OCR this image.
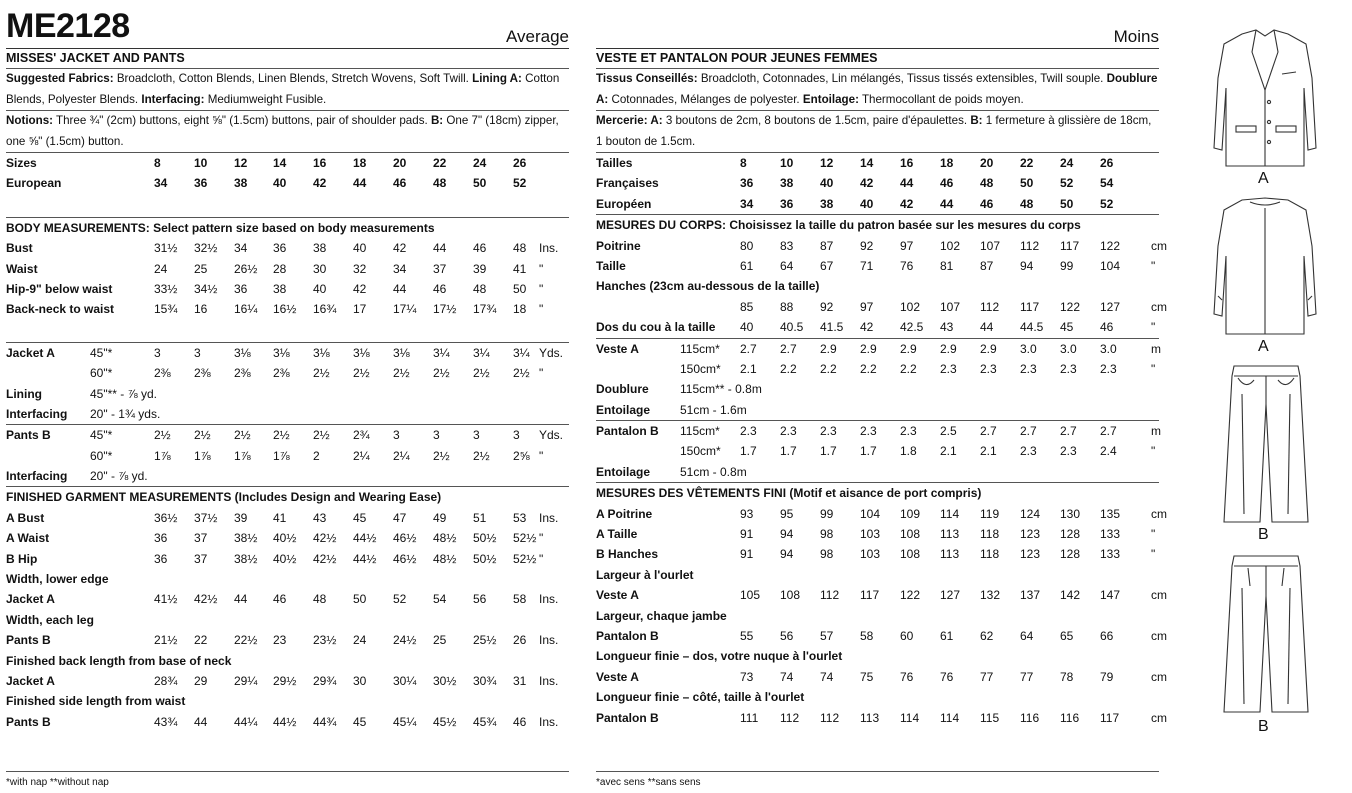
ME2128	Average
MISSES' JACKET AND PANTS
Suggested Fabrics: Broadcloth, Cotton Blends, Linen Blends, Stretch Wovens, Soft Twill. Lining A: Cotton Blends, Polyester Blends. Interfacing: Mediumweight Fusible.
Notions: Three ¾" (2cm) buttons, eight ⅝" (1.5cm) buttons, pair of shoulder pads. B: One 7" (18cm) zipper, one ⅝" (1.5cm) button.
Sizes	8	10 12 14 16 18 20 22 24 26
European	34 36 38 40 42 44 46 48 50 52
BODY MEASUREMENTS: Select pattern size based on body measurements
Bust	31½ 32½ 34 36 38 40 42 44 46 48 Ins.
Waist	24 25 26½ 28 30 32 34 37 39 41 "
Hip-9" below waist	33½ 34½ 36 38 40 42 44 46 48 50 "
Back-neck to waist	15¾ 16 16¼ 16½ 16¾ 17 17¼ 17½ 17¾ 18 "
Jacket A	45"*	3	3	3⅛ 3⅛ 3⅛ 3⅛ 3⅛ 3¼ 3¼ 3¼ Yds.
60"*	2⅜ 2⅜ 2⅜ 2⅜ 2½ 2½ 2½ 2½ 2½ 2½ "
Lining	45"** - ⅞ yd.
Interfacing 20" - 1¾ yds.
Pants B	45"*	2½ 2½ 2½ 2½ 2½ 2¾ 3	3	3	3 Yds.
60"*	1⅞ 1⅞ 1⅞ 1⅞ 2	2¼ 2¼ 2½ 2½ 2⅝ "
Interfacing 20" - ⅞ yd.
FINISHED GARMENT MEASUREMENTS (Includes Design and Wearing Ease)
A Bust	36½ 37½ 39 41 43 45 47 49 51 53 Ins.
A Waist	36 37 38½ 40½ 42½ 44½ 46½ 48½ 50½ 52½ "
B Hip	36 37 38½ 40½ 42½ 44½ 46½ 48½ 50½ 52½ "
Width, lower edge
Jacket A	41½ 42½ 44 46 48 50 52 54 56 58 Ins.
Width, each leg
Pants B	21½ 22 22½ 23 23½ 24 24½ 25 25½ 26 Ins.
Finished back length from base of neck
Jacket A	28¾ 29 29¼ 29½ 29¾ 30 30¼ 30½ 30¾ 31 Ins.
Finished side length from waist
Pants B	43¾ 44 44¼ 44½ 44¾ 45 45¼ 45½ 45¾ 46 Ins.
*with nap **without nap
Moins
VESTE ET PANTALON POUR JEUNES FEMMES
Tissus Conseillés: Broadcloth, Cotonnades, Lin mélangés, Tissus tissés extensibles, Twill souple. Doublure A: Cotonnades, Mélanges de polyester. Entoilage: Thermocollant de poids moyen.
Mercerie: A: 3 boutons de 2cm, 8 boutons de 1.5cm, paire d'épaulettes. B: 1 fermeture à glissière de 18cm, 1 bouton de 1.5cm.
Tailles	8	10 12 14 16 18 20 22 24 26
Françaises	36 38 40 42 44 46 48 50 52 54
Européen	34 36 38 40 42 44 46 48 50 52
MESURES DU CORPS: Choisissez la taille du patron basée sur les mesures du corps
Poitrine	80 83 87 92 97 102 107 112 117 122	cm
Taille	61 64 67 71 76 81 87 94 99 104	"
Hanches (23cm au-dessous de la taille)
85 88 92 97 102 107 112 117 122 127	cm
Dos du cou à la taille 40 40.5 41.5 42 42.5 43 44 44.5 45 46	"
Veste A	115cm* 2.7 2.7 2.9 2.9 2.9 2.9 2.9 3.0 3.0 3.0	m
150cm* 2.1 2.2 2.2 2.2 2.2 2.3 2.3 2.3 2.3 2.3	"
Doublure	115cm** - 0.8m
Entoilage 51cm - 1.6m
Pantalon B 115cm* 2.3 2.3 2.3 2.3 2.3 2.5 2.7 2.7 2.7 2.7	m
150cm* 1.7 1.7 1.7 1.7 1.8 2.1 2.1 2.3 2.3 2.4	"
Entoilage 51cm - 0.8m
MESURES DES VÊTEMENTS FINI (Motif et aisance de port compris)
A Poitrine	93 95 99 104 109 114 119 124 130 135	cm
A Taille	91 94 98 103 108 113 118 123 128 133	"
B Hanches	91 94 98 103 108 113 118 123 128 133	"
Largeur à l'ourlet
Veste A	105 108 112 117 122 127 132 137 142 147	cm
Largeur, chaque jambe
Pantalon B	55 56 57 58 60 61 62 64 65 66	cm
Longueur finie – dos, votre nuque à l'ourlet
Veste A	73 74 74 75 76 76 77 77 78 79	cm
Longueur finie – côté, taille à l'ourlet
Pantalon B	111 112 112 113 114 114 115 116 116 117	cm
*avec sens **sans sens
A
A
B
B
